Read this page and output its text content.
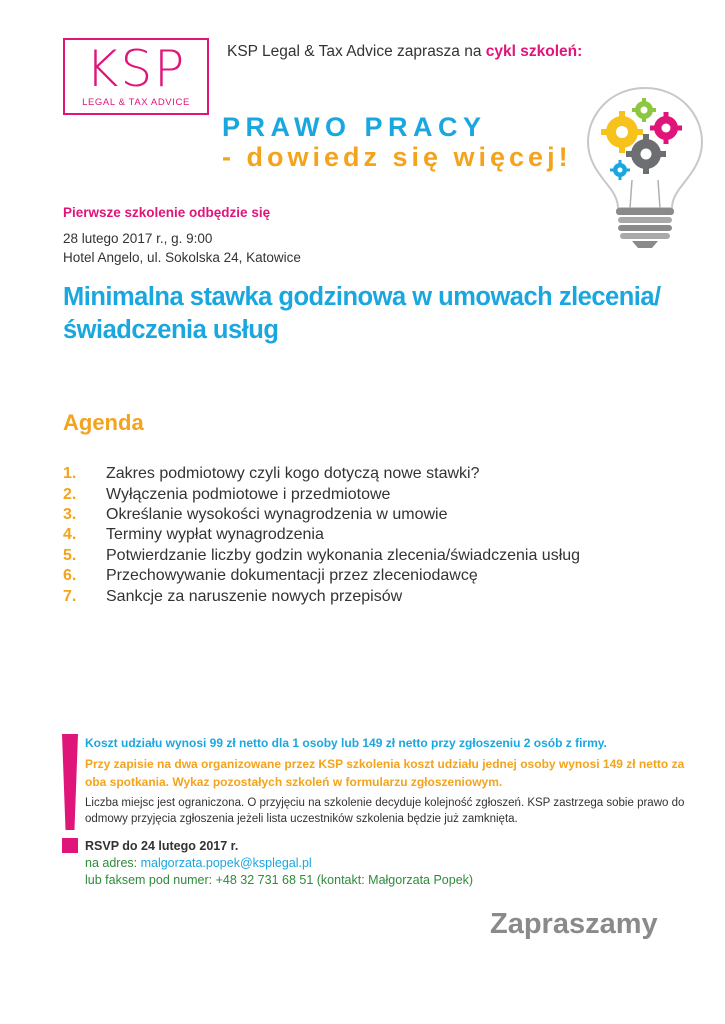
KSP
LEGAL & TAX ADVICE
KSP Legal & Tax Advice zaprasza na cykl szkoleń:
PRAWO PRACY
- dowiedz się więcej!
Pierwsze szkolenie odbędzie się
28 lutego 2017 r., g. 9:00
Hotel Angelo, ul. Sokolska 24, Katowice
Minimalna stawka godzinowa w umowach zlecenia/świadczenia usług
Agenda
1.	Zakres podmiotowy czyli kogo dotyczą nowe stawki?
2.	Wyłączenia podmiotowe i przedmiotowe
3.	Określanie wysokości wynagrodzenia w umowie
4.	Terminy wypłat wynagrodzenia
5.	Potwierdzanie liczby godzin wykonania zlecenia/świadczenia usług
6.	Przechowywanie dokumentacji przez zleceniodawcę
7.	Sankcje za naruszenie nowych przepisów
Koszt udziału wynosi 99 zł netto dla 1 osoby lub 149 zł netto przy zgłoszeniu 2 osób z firmy.
Przy zapisie na dwa organizowane przez KSP szkolenia koszt udziału jednej osoby wynosi 149 zł netto za oba spotkania. Wykaz pozostałych szkoleń w formularzu zgłoszeniowym.
Liczba miejsc jest ograniczona. O przyjęciu na szkolenie decyduje kolejność zgłoszeń. KSP zastrzega sobie prawo do odmowy przyjęcia zgłoszenia jeżeli lista uczestników szkolenia będzie już zamknięta.
RSVP do 24 lutego 2017 r.
na adres: malgorzata.popek@ksplegal.pl
lub faksem pod numer: +48 32 731 68 51 (kontakt: Małgorzata Popek)
Zapraszamy
